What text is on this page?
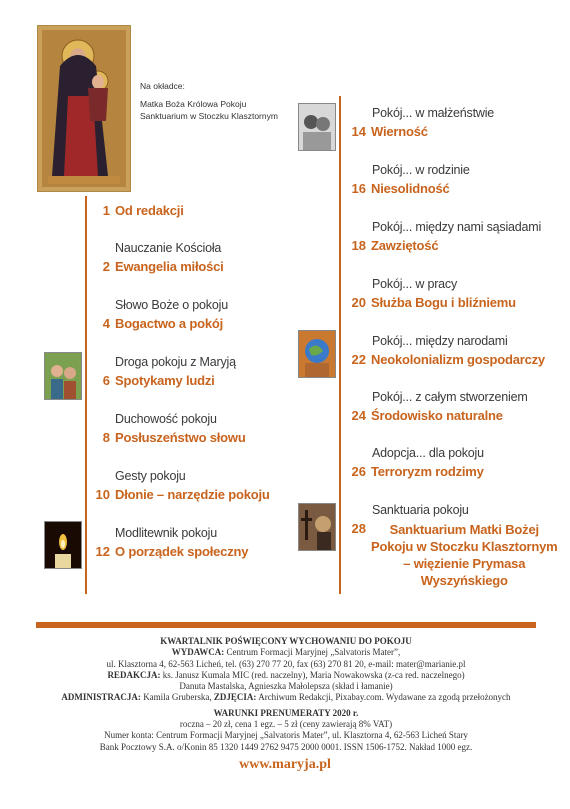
Na okładce:
Matka Boża Królowa Pokoju
Sanktuarium w Stoczku Klasztornym
1 Od redakcji
Nauczanie Kościoła
2 Ewangelia miłości
Słowo Boże o pokoju
4 Bogactwo a pokój
Droga pokoju z Maryją
6 Spotykamy ludzi
Duchowość pokoju
8 Posłuszeństwo słowu
Gesty pokoju
10 Dłonie – narzędzie pokoju
Modlitewnik pokoju
12 O porządek społeczny
Pokój... w małżeństwie
14 Wierność
Pokój... w rodzinie
16 Niesolidność
Pokój... między nami sąsiadami
18 Zawziętość
Pokój... w pracy
20 Służba Bogu i bliźniemu
Pokój... między narodami
22 Neokolonializm gospodarczy
Pokój... z całym stworzeniem
24 Środowisko naturalne
Adopcja... dla pokoju
26 Terroryzm rodzimy
Sanktuaria pokoju
28	Sanktuarium Matki Bożej
Pokoju w Stoczku Klasztornym
– więzienie Prymasa
Wyszyńskiego
KWARTALNIK POŚWIĘCONY WYCHOWANIU DO POKOJU
WYDAWCA: Centrum Formacji Maryjnej „Salvatoris Mater”,
ul. Klasztorna 4, 62-563 Licheń, tel. (63) 270 77 20, fax (63) 270 81 20, e-mail: mater@marianie.pl
REDAKCJA: ks. Janusz Kumala MIC (red. naczelny), Maria Nowakowska (z-ca red. naczelnego)
Danuta Mastalska, Agnieszka Małolepsza (skład i łamanie)
ADMINISTRACJA: Kamila Gruberska, ZDJĘCIA: Archiwum Redakcji, Pixabay.com. Wydawane za zgodą przełożonych
WARUNKI PRENUMERATY 2020 r.
roczna – 20 zł, cena 1 egz. – 5 zł (ceny zawierają 8% VAT)
Numer konta: Centrum Formacji Maryjnej „Salvatoris Mater”, ul. Klasztorna 4, 62-563 Licheń Stary
Bank Pocztowy S.A. o/Konin 85 1320 1449 2762 9475 2000 0001. ISSN 1506-1752. Nakład 1000 egz.
www.maryja.pl
